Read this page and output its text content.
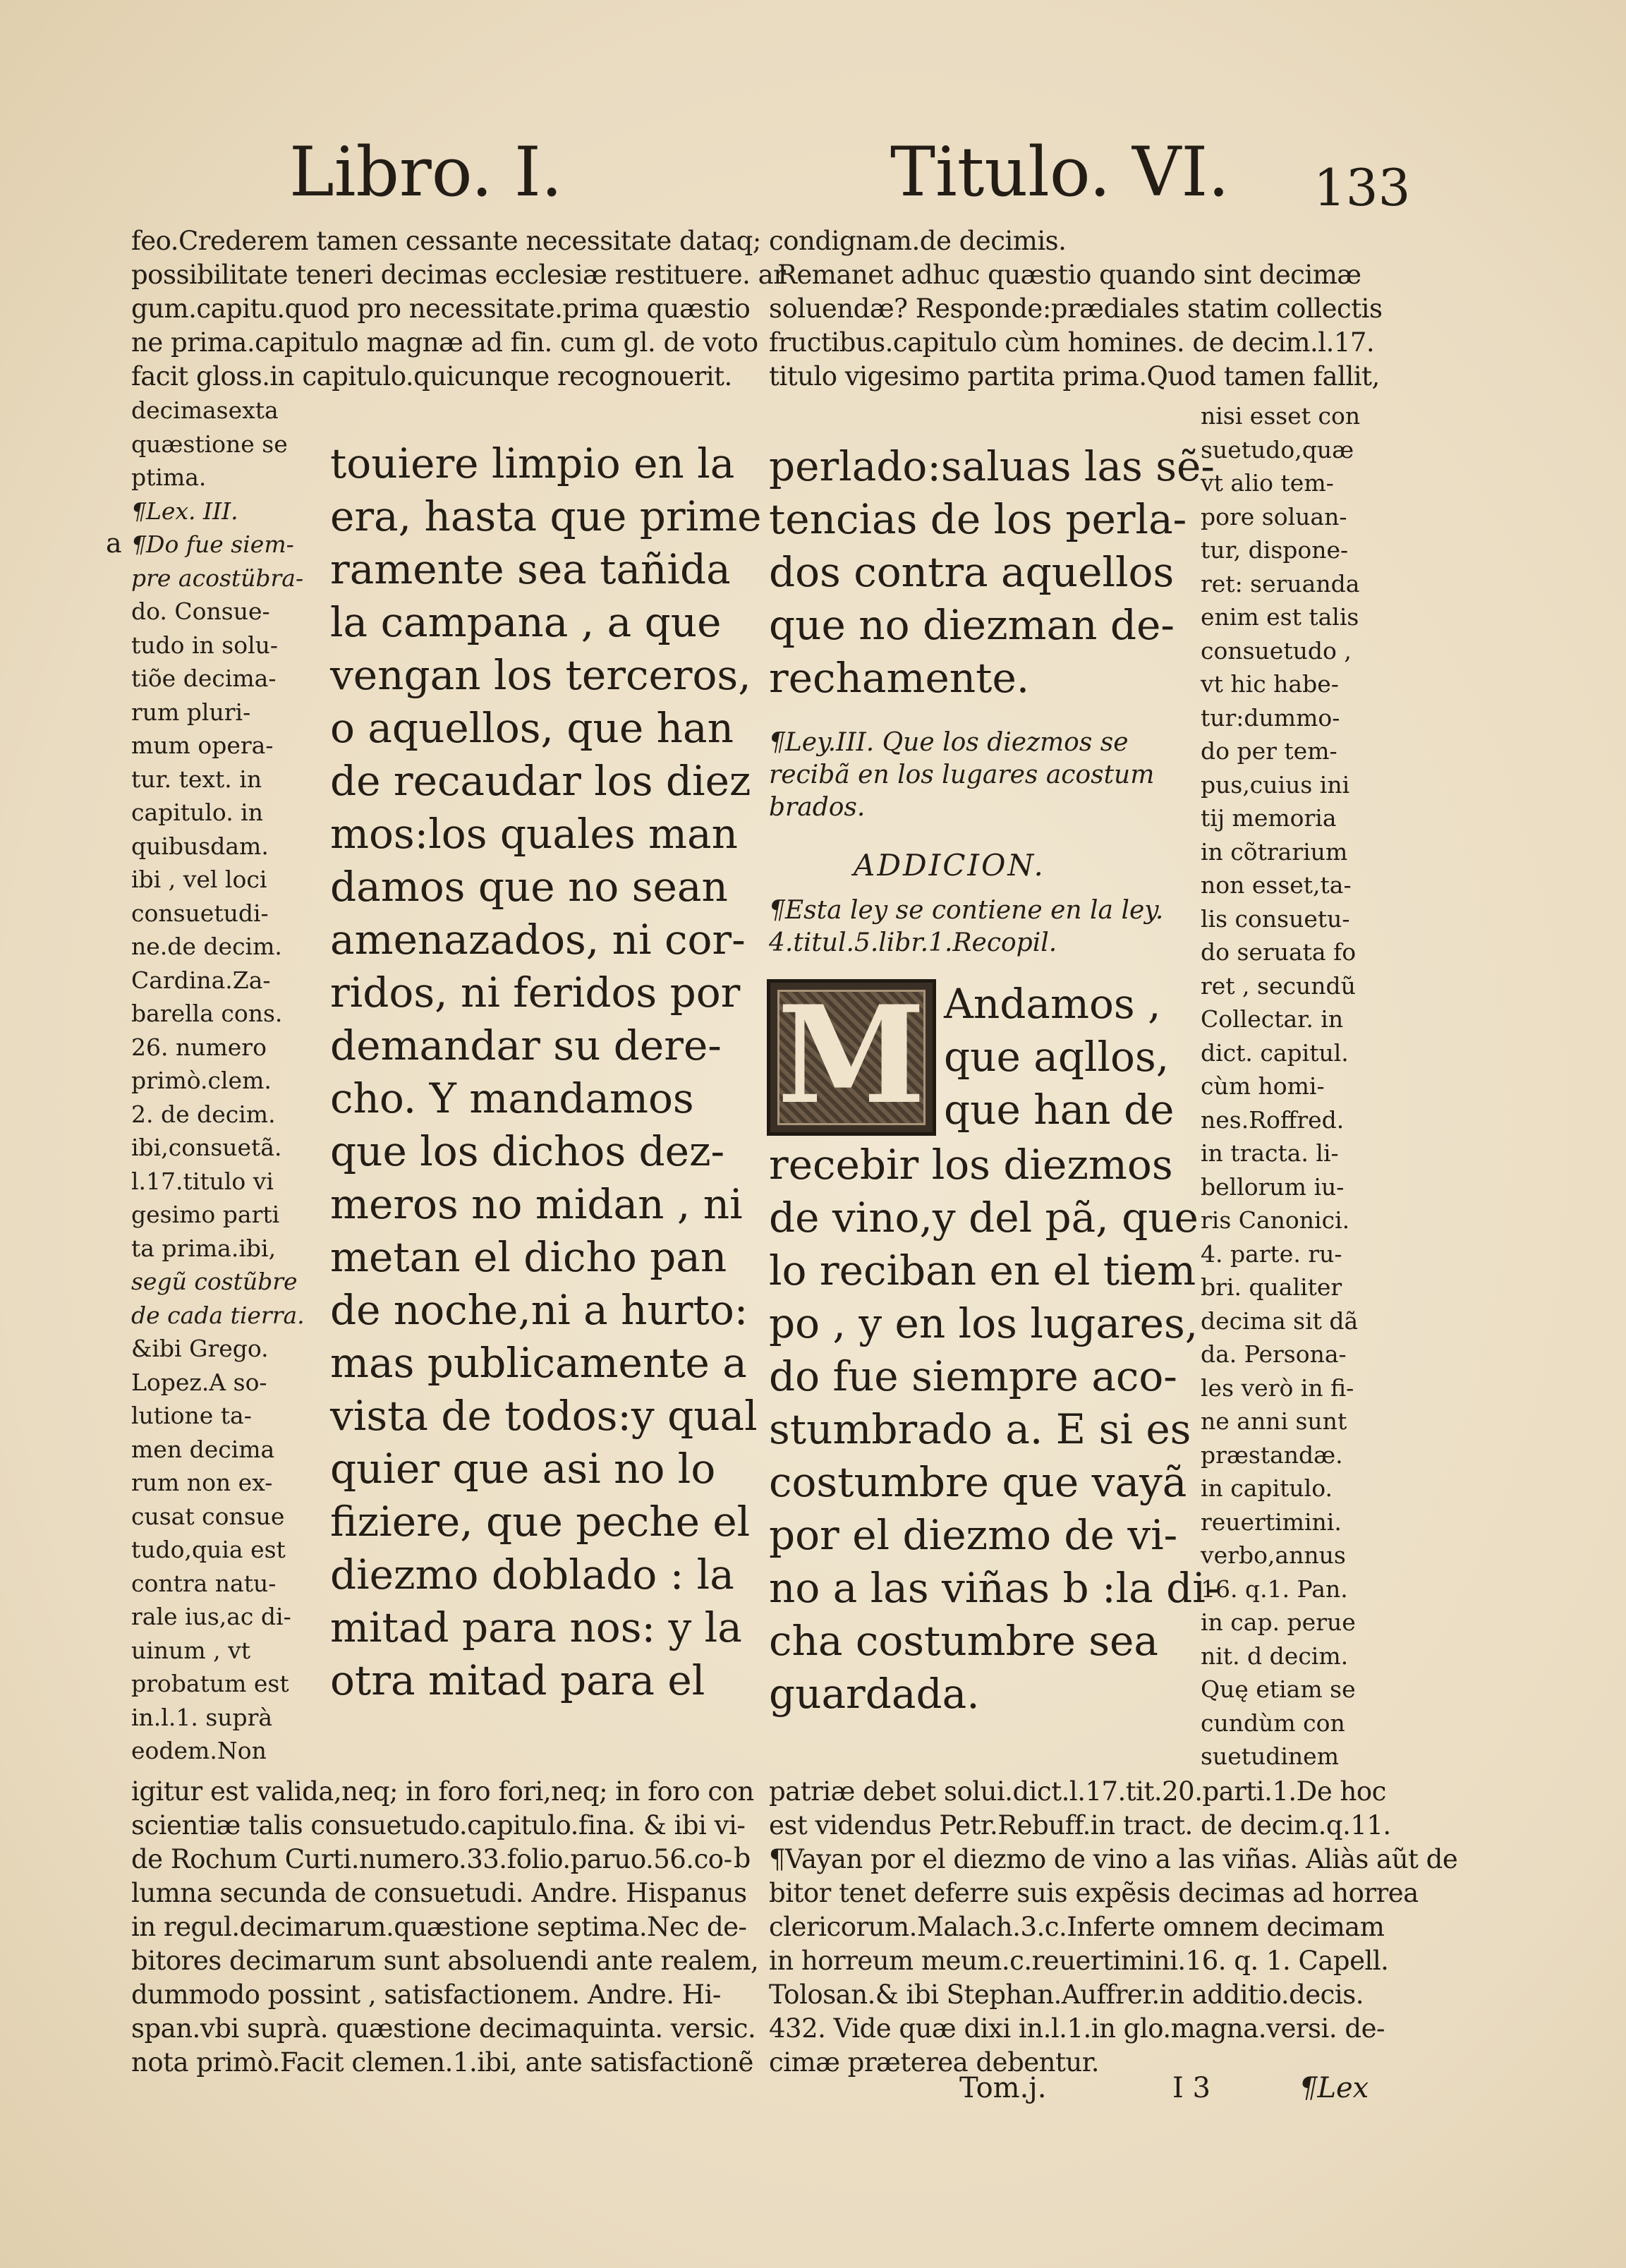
Libro. I.	Titulo. VI. 133
feo.Crederem tamen cessante necessitate dataq;
possibilitate teneri decimas ecclesiæ restituere. ar
gum.capitu.quod pro necessitate.prima quæstio
ne prima.capitulo magnæ ad fin. cum gl. de voto
facit gloss.in capitulo.quicunque recognouerit.
decimasexta
quæstione se
ptima.
¶Lex. III.
¶Do fue siem-
pre acostübra-
do. Consue-
tudo in solu-
tiõe decima-
rum pluri-
mum opera-
tur. text. in
capitulo. in
quibusdam.
ibi , vel loci
consuetudi-
ne.de decim.
Cardina.Za-
barella cons.
26. numero
primò.clem.
2. de decim.
ibi,consuetã.
l.17.titulo vi
gesimo parti
ta prima.ibi,
segũ costũbre
de cada tierra.
&ibi Grego.
Lopez.A so-
lutione ta-
men decima
rum non ex-
cusat consue
tudo,quia est
contra natu-
rale ius,ac di-
uinum , vt
probatum est
in.l.1. suprà
eodem.Non
a
touiere limpio en la
era, hasta que prime
ramente sea tañida
la campana , a que
vengan los terceros,
o aquellos, que han
de recaudar los diez
mos:los quales man
damos que no sean
amenazados, ni cor-
ridos, ni feridos por
demandar su dere-
cho. Y mandamos
que los dichos dez-
meros no midan , ni
metan el dicho pan
de noche,ni a hurto:
mas publicamente a
vista de todos:y qual
quier que asi no lo
fiziere, que peche el
diezmo doblado : la
mitad para nos: y la
otra mitad para el
condignam.de decimis.
Remanet adhuc quæstio quando sint decimæ
soluendæ? Responde:prædiales statim collectis
fructibus.capitulo cùm homines. de decim.l.17.
titulo vigesimo partita prima.Quod tamen fallit,
perlado:saluas las sẽ-
tencias de los perla-
dos contra aquellos
que no diezman de-
rechamente.
¶Ley.III. Que los diezmos se
recibã en los lugares acostum
brados.
ADDICION.
¶Esta ley se contiene en la ley.
4.titul.5.libr.1.Recopil.
M Andamos ,
que aqllos,
que han de
recebir los diezmos
de vino,y del pã, que
lo reciban en el tiem
po , y en los lugares,
do fue siempre aco-
stumbrado a. E si es
costumbre que vayã
por el diezmo de vi-
no a las viñas b :la di-
cha costumbre sea
guardada.
nisi esset con
suetudo,quæ
vt alio tem-
pore soluan-
tur, dispone-
ret: seruanda
enim est talis
consuetudo ,
vt hic habe-
tur:dummo-
do per tem-
pus,cuius ini
tij memoria
in cõtrarium
non esset,ta-
lis consuetu-
do seruata fo
ret , secundũ
Collectar. in
dict. capitul.
cùm homi-
nes.Roffred.
in tracta. li-
bellorum iu-
ris Canonici.
4. parte. ru-
bri. qualiter
decima sit dã
da. Persona-
les verò in fi-
ne anni sunt
præstandæ.
in capitulo.
reuertimini.
verbo,annus
16. q.1. Pan.
in cap. perue
nit. d decim.
Quę etiam se
cundùm con
suetudinem
igitur est valida,neq; in foro fori,neq; in foro con
scientiæ talis consuetudo.capitulo.fina. & ibi vi-
de Rochum Curti.numero.33.folio.paruo.56.co-
lumna secunda de consuetudi. Andre. Hispanus
in regul.decimarum.quæstione septima.Nec de-
bitores decimarum sunt absoluendi ante realem,
dummodo possint , satisfactionem. Andre. Hi-
span.vbi suprà. quæstione decimaquinta. versic.
nota primò.Facit clemen.1.ibi, ante satisfactionẽ
b
patriæ debet solui.dict.l.17.tit.20.parti.1.De hoc
est videndus Petr.Rebuff.in tract. de decim.q.11.
¶Vayan por el diezmo de vino a las viñas. Aliàs aũt de
bitor tenet deferre suis expẽsis decimas ad horrea
clericorum.Malach.3.c.Inferte omnem decimam
in horreum meum.c.reuertimini.16. q. 1. Capell.
Tolosan.& ibi Stephan.Auffrer.in additio.decis.
432. Vide quæ dixi in.l.1.in glo.magna.versi. de-
cimæ præterea debentur.
Tom.j.	I 3	¶Lex
